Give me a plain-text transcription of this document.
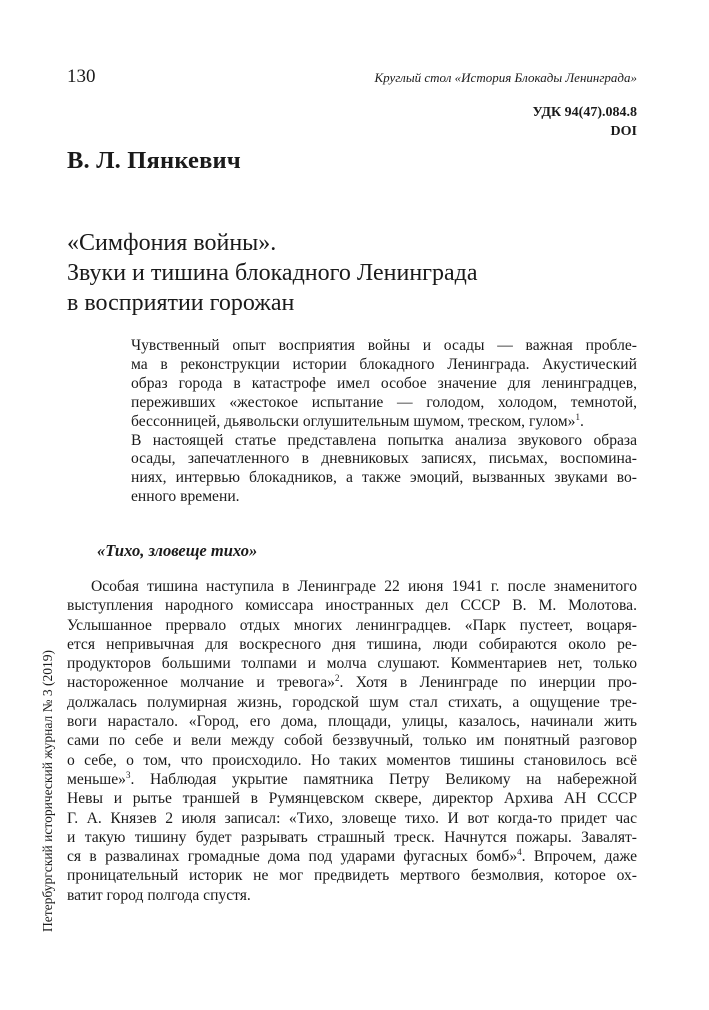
130	Круглый стол «История Блокады Ленинграда»
УДК 94(47).084.8
DOI
В. Л. Пянкевич
«Симфония войны».
Звуки и тишина блокадного Ленинграда
в восприятии горожан
Чувственный опыт восприятия войны и осады — важная пробле-
ма в реконструкции истории блокадного Ленинграда. Акустический
образ города в катастрофе имел особое значение для ленинградцев,
переживших «жестокое испытание — голодом, холодом, темнотой,
бессонницей, дьявольски оглушительным шумом, треском, гулом»$^1$.
В настоящей статье представлена попытка анализа звукового образа
осады, запечатленного в дневниковых записях, письмах, воспомина-
ниях, интервью блокадников, а также эмоций, вызванных звуками во-
енного времени.
«Тихо, зловеще тихо»
Особая тишина наступила в Ленинграде 22 июня 1941 г. после знаменитого
выступления народного комиссара иностранных дел СССР В. М. Молотова.
Услышанное прервало отдых многих ленинградцев. «Парк пустеет, воцаря-
ется непривычная для воскресного дня тишина, люди собираются около ре-
продукторов большими толпами и молча слушают. Комментариев нет, только
настороженное молчание и тревога»$^2$. Хотя в Ленинграде по инерции про-
должалась полумирная жизнь, городской шум стал стихать, а ощущение тре-
воги нарастало. «Город, его дома, площади, улицы, казалось, начинали жить
сами по себе и вели между собой беззвучный, только им понятный разговор
о себе, о том, что происходило. Но таких моментов тишины становилось всё
меньше»$^3$. Наблюдая укрытие памятника Петру Великому на набережной
Невы и рытье траншей в Румянцевском сквере, директор Архива АН СССР
Г. А. Князев 2 июля записал: «Тихо, зловеще тихо. И вот когда-то придет час
и такую тишину будет разрывать страшный треск. Начнутся пожары. Завалят-
ся в развалинах громадные дома под ударами фугасных бомб»$^4$. Впрочем, даже
проницательный историк не мог предвидеть мертвого безмолвия, которое ох-
ватит город полгода спустя.
Петербургский исторический журнал № 3 (2019)
